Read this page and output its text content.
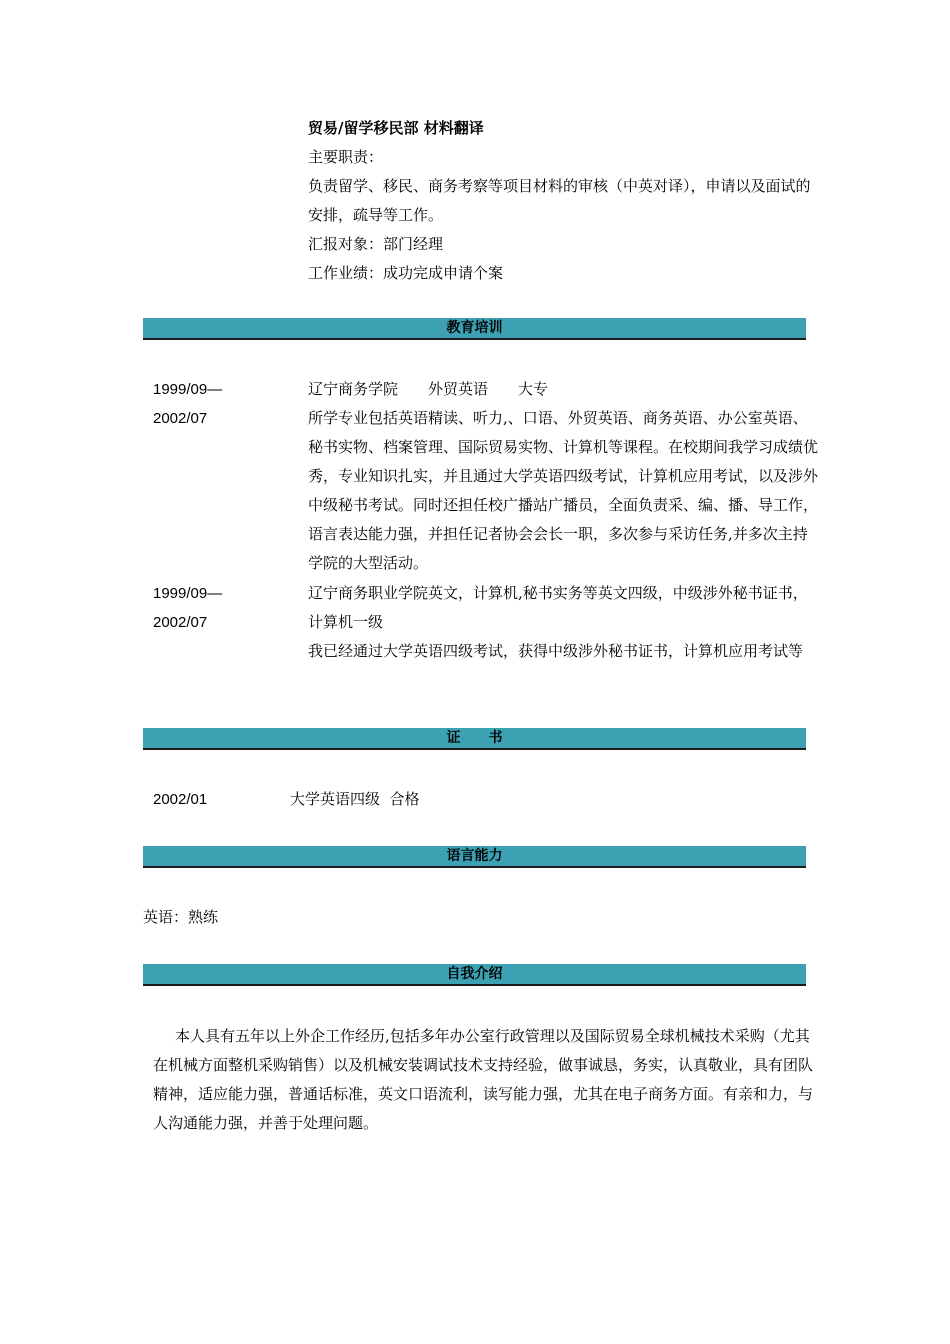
贸易/留学移民部 材料翻译
主要职责：
负责留学、移民、商务考察等项目材料的审核（中英对译），申请以及面试的安排，疏导等工作。
汇报对象：部门经理
工作业绩：成功完成申请个案
教育培训
1999/09—
2002/07
辽宁商务学院　　外贸英语　　大专
所学专业包括英语精读、听力,、口语、外贸英语、商务英语、办公室英语、秘书实物、档案管理、国际贸易实物、计算机等课程。在校期间我学习成绩优秀，专业知识扎实，并且通过大学英语四级考试，计算机应用考试，以及涉外中级秘书考试。同时还担任校广播站广播员，全面负责采、编、播、导工作，语言表达能力强，并担任记者协会会长一职，多次参与采访任务,并多次主持学院的大型活动。
1999/09—
2002/07
辽宁商务职业学院英文，计算机,秘书实务等英文四级，中级涉外秘书证书，计算机一级
我已经通过大学英语四级考试，获得中级涉外秘书证书，计算机应用考试等
证　　书
2002/01	大学英语四级  合格
语言能力
英语：熟练
自我介绍
本人具有五年以上外企工作经历,包括多年办公室行政管理以及国际贸易全球机械技术采购（尤其在机械方面整机采购销售）以及机械安装调试技术支持经验，做事诚恳，务实，认真敬业，具有团队精神，适应能力强，普通话标准，英文口语流利，读写能力强，尤其在电子商务方面。有亲和力，与人沟通能力强，并善于处理问题。
